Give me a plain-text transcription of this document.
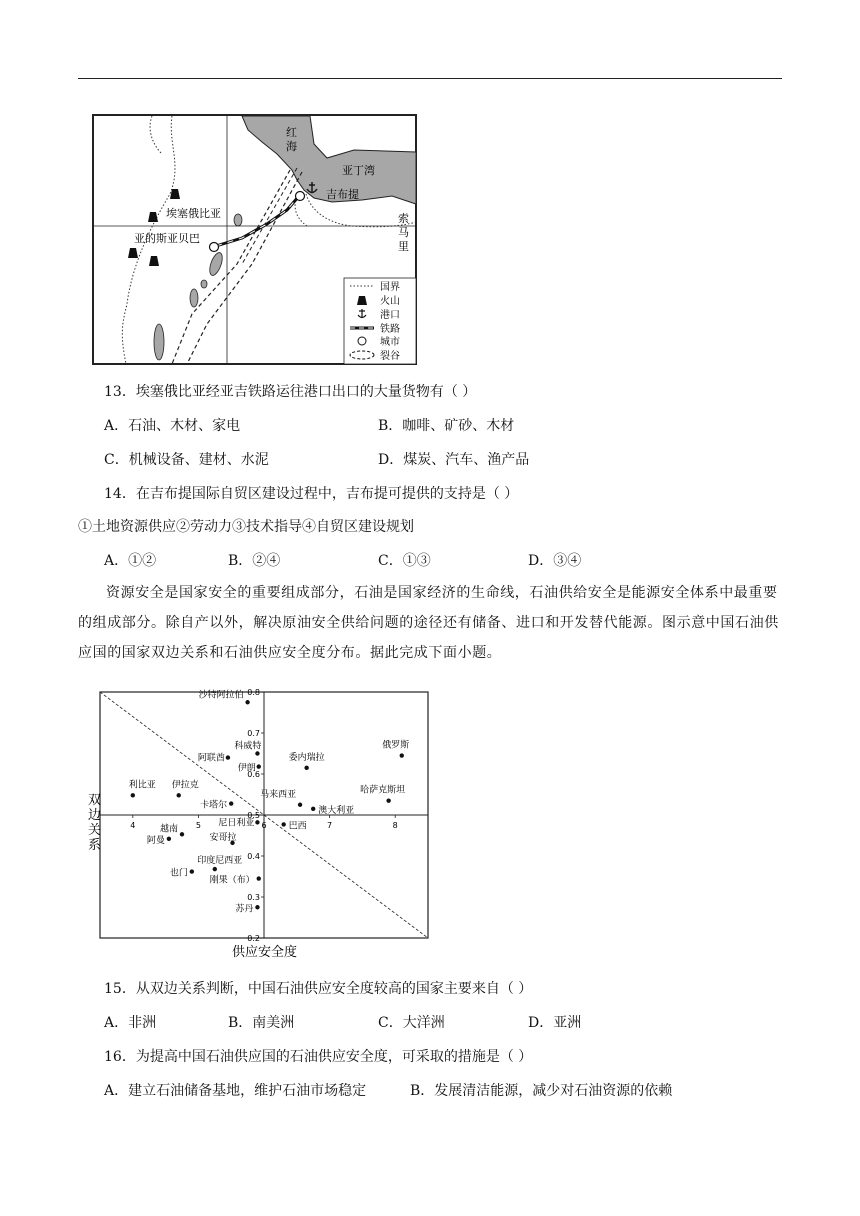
红
海
亚丁湾
吉布提
埃塞俄比亚
亚的斯亚贝巴
索
马
里
国界
火山
港口
铁路
城市
裂谷
13．埃塞俄比亚经亚吉铁路运往港口出口的大量货物有（ ）
A．石油、木材、家电	B．咖啡、矿砂、木材
C．机械设备、建材、水泥	D．煤炭、汽车、渔产品
14．在吉布提国际自贸区建设过程中，吉布提可提供的支持是（ ）
①土地资源供应②劳动力③技术指导④自贸区建设规划
A．①②	B．②④	C．①③	D．③④
资源安全是国家安全的重要组成部分，石油是国家经济的生命线，石油供给安全是能源安全体系中最重要的组成部分。除自产以外，解决原油安全供给问题的途径还有储备、进口和开发替代能源。图示意中国石油供应国的国家双边关系和石油供应安全度分布。据此完成下面小题。
0.2
0.3
0.4
0.5
0.6
0.7
0.8
4	5	6	7	8
沙特阿拉伯
科威特
阿联酋
伊朗
利比亚 伊拉克
卡塔尔
委内瑞拉
俄罗斯
哈萨克斯坦
马来西亚
澳大利亚
尼日利亚	巴西
越南
阿曼	安哥拉
印度尼西亚
也门
刚果（布）
苏丹
双
边
关
系
供应安全度
15．从双边关系判断，中国石油供应安全度较高的国家主要来自（ ）
A．非洲	B．南美洲	C．大洋洲	D．亚洲
16．为提高中国石油供应国的石油供应安全度，可采取的措施是（ ）
A．建立石油储备基地，维护石油市场稳定	B．发展清洁能源，减少对石油资源的依赖
